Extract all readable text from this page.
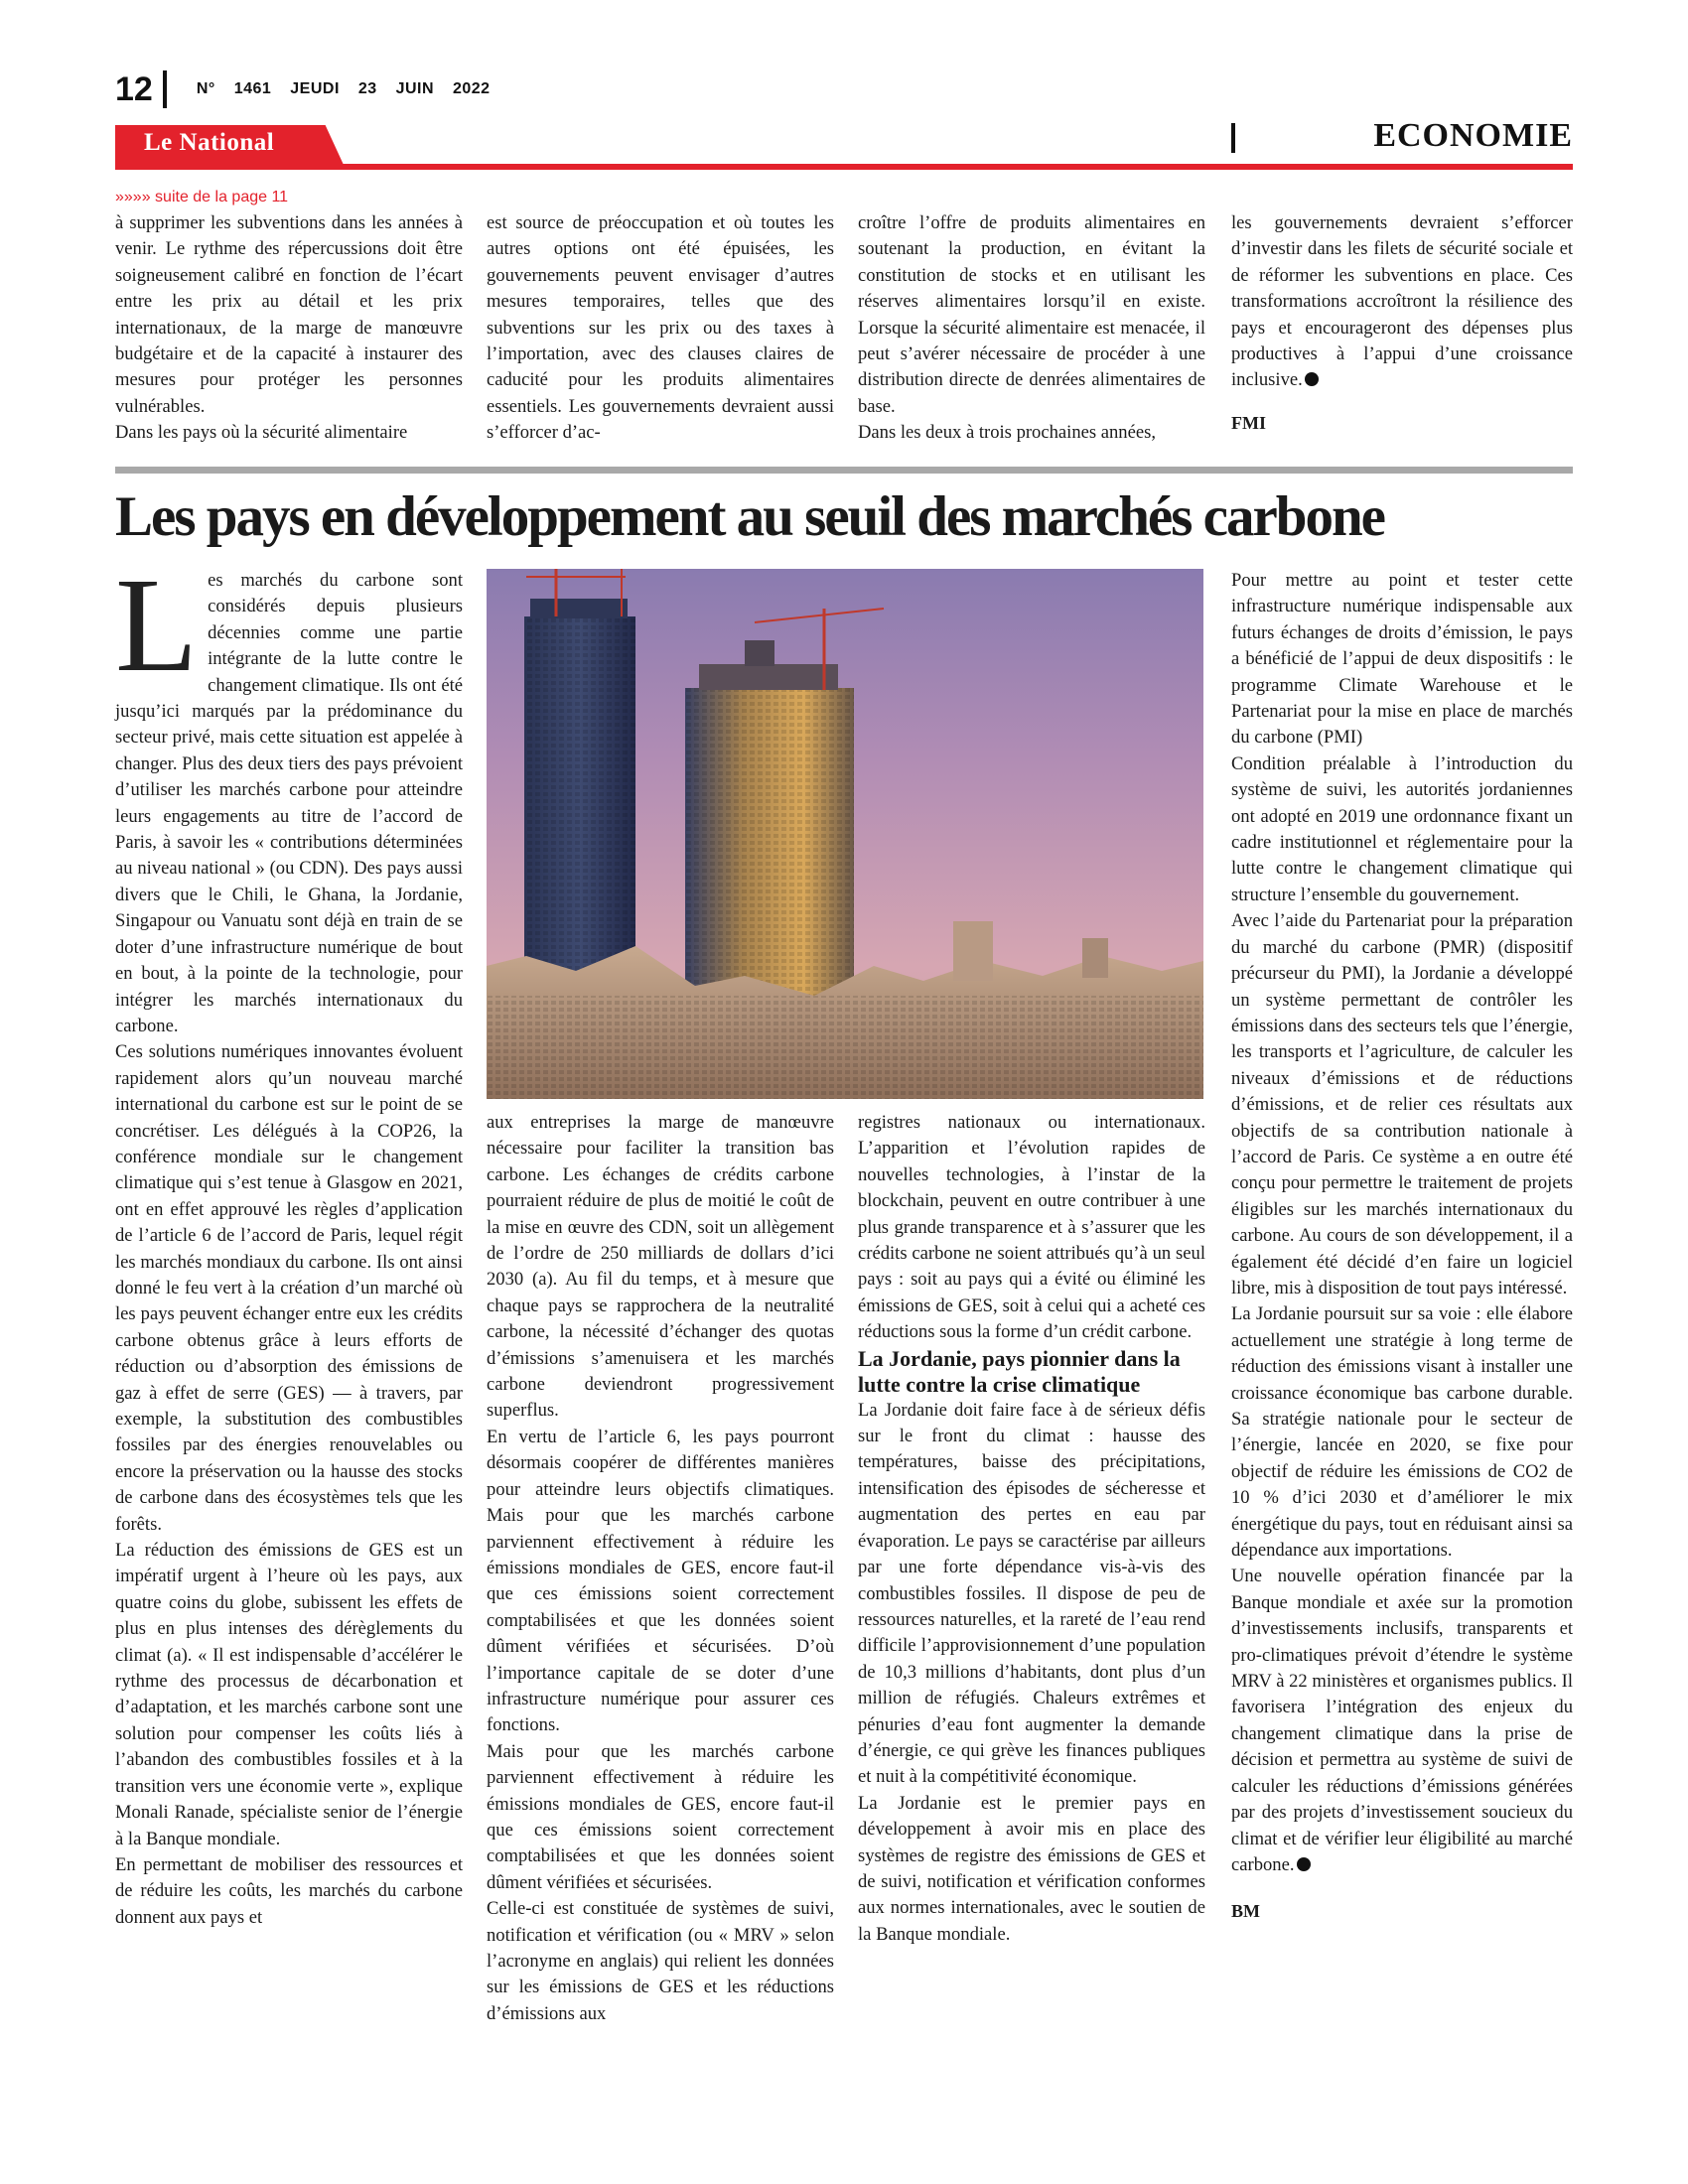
12	N° 1461 JEUDI 23 JUIN 2022
Le National	ECONOMIE
»»»» suite de la page 11

à supprimer les subventions dans les années à venir. Le rythme des répercussions doit être soigneusement calibré en fonction de l’écart entre les prix au détail et les prix internationaux, de la marge de manœuvre budgétaire et de la capacité à instaurer des mesures pour protéger les personnes vulnérables.

Dans les pays où la sécurité alimentaire

est source de préoccupation et où toutes les autres options ont été épuisées, les gouvernements peuvent envisager d’autres mesures temporaires, telles que des subventions sur les prix ou des taxes à l’importation, avec des clauses claires de caducité pour les produits alimentaires essentiels. Les gouvernements devraient aussi s’efforcer d’ac-

croître l’offre de produits alimentaires en soutenant la production, en évitant la constitution de stocks et en utilisant les réserves alimentaires lorsqu’il en existe. Lorsque la sécurité alimentaire est menacée, il peut s’avérer nécessaire de procéder à une distribution directe de denrées alimentaires de base.

Dans les deux à trois prochaines années,

les gouvernements devraient s’efforcer d’investir dans les filets de sécurité sociale et de réformer les subventions en place. Ces transformations accroîtront la résilience des pays et encourageront des dépenses plus productives à l’appui d’une croissance inclusive.

FMI

Les pays en développement au seuil des marchés carbone

Les marchés du carbone sont considérés depuis plusieurs décennies comme une partie intégrante de la lutte contre le changement climatique. Ils ont été jusqu’ici marqués par la prédominance du secteur privé, mais cette situation est appelée à changer. Plus des deux tiers des pays prévoient d’utiliser les marchés carbone pour atteindre leurs engagements au titre de l’accord de Paris, à savoir les « contributions déterminées au niveau national » (ou CDN). Des pays aussi divers que le Chili, le Ghana, la Jordanie, Singapour ou Vanuatu sont déjà en train de se doter d’une infrastructure numérique de bout en bout, à la pointe de la technologie, pour intégrer les marchés internationaux du carbone.

Ces solutions numériques innovantes évoluent rapidement alors qu’un nouveau marché international du carbone est sur le point de se concrétiser. Les délégués à la COP26, la conférence mondiale sur le changement climatique qui s’est tenue à Glasgow en 2021, ont en effet approuvé les règles d’application de l’article 6 de l’accord de Paris, lequel régit les marchés mondiaux du carbone. Ils ont ainsi donné le feu vert à la création d’un marché où les pays peuvent échanger entre eux les crédits carbone obtenus grâce à leurs efforts de réduction ou d’absorption des émissions de gaz à effet de serre (GES) — à travers, par exemple, la substitution des combustibles fossiles par des énergies renouvelables ou encore la préservation ou la hausse des stocks de carbone dans des écosystèmes tels que les forêts.

La réduction des émissions de GES est un impératif urgent à l’heure où les pays, aux quatre coins du globe, subissent les effets de plus en plus intenses des dérèglements du climat (a). « Il est indispensable d’accélérer le rythme des processus de décarbonation et d’adaptation, et les marchés carbone sont une solution pour compenser les coûts liés à l’abandon des combustibles fossiles et à la transition vers une économie verte », explique Monali Ranade, spécialiste senior de l’énergie à la Banque mondiale.

En permettant de mobiliser des ressources et de réduire les coûts, les marchés du carbone donnent aux pays et

aux entreprises la marge de manœuvre nécessaire pour faciliter la transition bas carbone. Les échanges de crédits carbone pourraient réduire de plus de moitié le coût de la mise en œuvre des CDN, soit un allègement de l’ordre de 250 milliards de dollars d’ici 2030 (a). Au fil du temps, et à mesure que chaque pays se rapprochera de la neutralité carbone, la nécessité d’échanger des quotas d’émissions s’amenuisera et les marchés carbone deviendront progressivement superflus.

En vertu de l’article 6, les pays pourront désormais coopérer de différentes manières pour atteindre leurs objectifs climatiques. Mais pour que les marchés carbone parviennent effectivement à réduire les émissions mondiales de GES, encore faut-il que ces émissions soient correctement comptabilisées et que les données soient dûment vérifiées et sécurisées. D’où l’importance capitale de se doter d’une infrastructure numérique pour assurer ces fonctions.

Mais pour que les marchés carbone parviennent effectivement à réduire les émissions mondiales de GES, encore faut-il que ces émissions soient correctement comptabilisées et que les données soient dûment vérifiées et sécurisées.

Celle-ci est constituée de systèmes de suivi, notification et vérification (ou « MRV » selon l’acronyme en anglais) qui relient les données sur les émissions de GES et les réductions d’émissions aux

registres nationaux ou internationaux. L’apparition et l’évolution rapides de nouvelles technologies, à l’instar de la blockchain, peuvent en outre contribuer à une plus grande transparence et à s’assurer que les crédits carbone ne soient attribués qu’à un seul pays : soit au pays qui a évité ou éliminé les émissions de GES, soit à celui qui a acheté ces réductions sous la forme d’un crédit carbone.

La Jordanie, pays pionnier dans la lutte contre la crise climatique

La Jordanie doit faire face à de sérieux défis sur le front du climat : hausse des températures, baisse des précipitations, intensification des épisodes de sécheresse et augmentation des pertes en eau par évaporation. Le pays se caractérise par ailleurs par une forte dépendance vis-à-vis des combustibles fossiles. Il dispose de peu de ressources naturelles, et la rareté de l’eau rend difficile l’approvisionnement d’une population de 10,3 millions d’habitants, dont plus d’un million de réfugiés. Chaleurs extrêmes et pénuries d’eau font augmenter la demande d’énergie, ce qui grève les finances publiques et nuit à la compétitivité économique.

La Jordanie est le premier pays en développement à avoir mis en place des systèmes de registre des émissions de GES et de suivi, notification et vérification conformes aux normes internationales, avec le soutien de la Banque mondiale.

Pour mettre au point et tester cette infrastructure numérique indispensable aux futurs échanges de droits d’émission, le pays a bénéficié de l’appui de deux dispositifs : le programme Climate Warehouse et le Partenariat pour la mise en place de marchés du carbone (PMI)

Condition préalable à l’introduction du système de suivi, les autorités jordaniennes ont adopté en 2019 une ordonnance fixant un cadre institutionnel et réglementaire pour la lutte contre le changement climatique qui structure l’ensemble du gouvernement.

Avec l’aide du Partenariat pour la préparation du marché du carbone (PMR) (dispositif précurseur du PMI), la Jordanie a développé un système permettant de contrôler les émissions dans des secteurs tels que l’énergie, les transports et l’agriculture, de calculer les niveaux d’émissions et de réductions d’émissions, et de relier ces résultats aux objectifs de sa contribution nationale à l’accord de Paris. Ce système a en outre été conçu pour permettre le traitement de projets éligibles sur les marchés internationaux du carbone. Au cours de son développement, il a également été décidé d’en faire un logiciel libre, mis à disposition de tout pays intéressé.

La Jordanie poursuit sur sa voie : elle élabore actuellement une stratégie à long terme de réduction des émissions visant à installer une croissance économique bas carbone durable. Sa stratégie nationale pour le secteur de l’énergie, lancée en 2020, se fixe pour objectif de réduire les émissions de CO2 de 10 % d’ici 2030 et d’améliorer le mix énergétique du pays, tout en réduisant ainsi sa dépendance aux importations.

Une nouvelle opération financée par la Banque mondiale et axée sur la promotion d’investissements inclusifs, transparents et pro-climatiques prévoit d’étendre le système MRV à 22 ministères et organismes publics. Il favorisera l’intégration des enjeux du changement climatique dans la prise de décision et permettra au système de suivi de calculer les réductions d’émissions générées par des projets d’investissement soucieux du climat et de vérifier leur éligibilité au marché carbone.

BM
